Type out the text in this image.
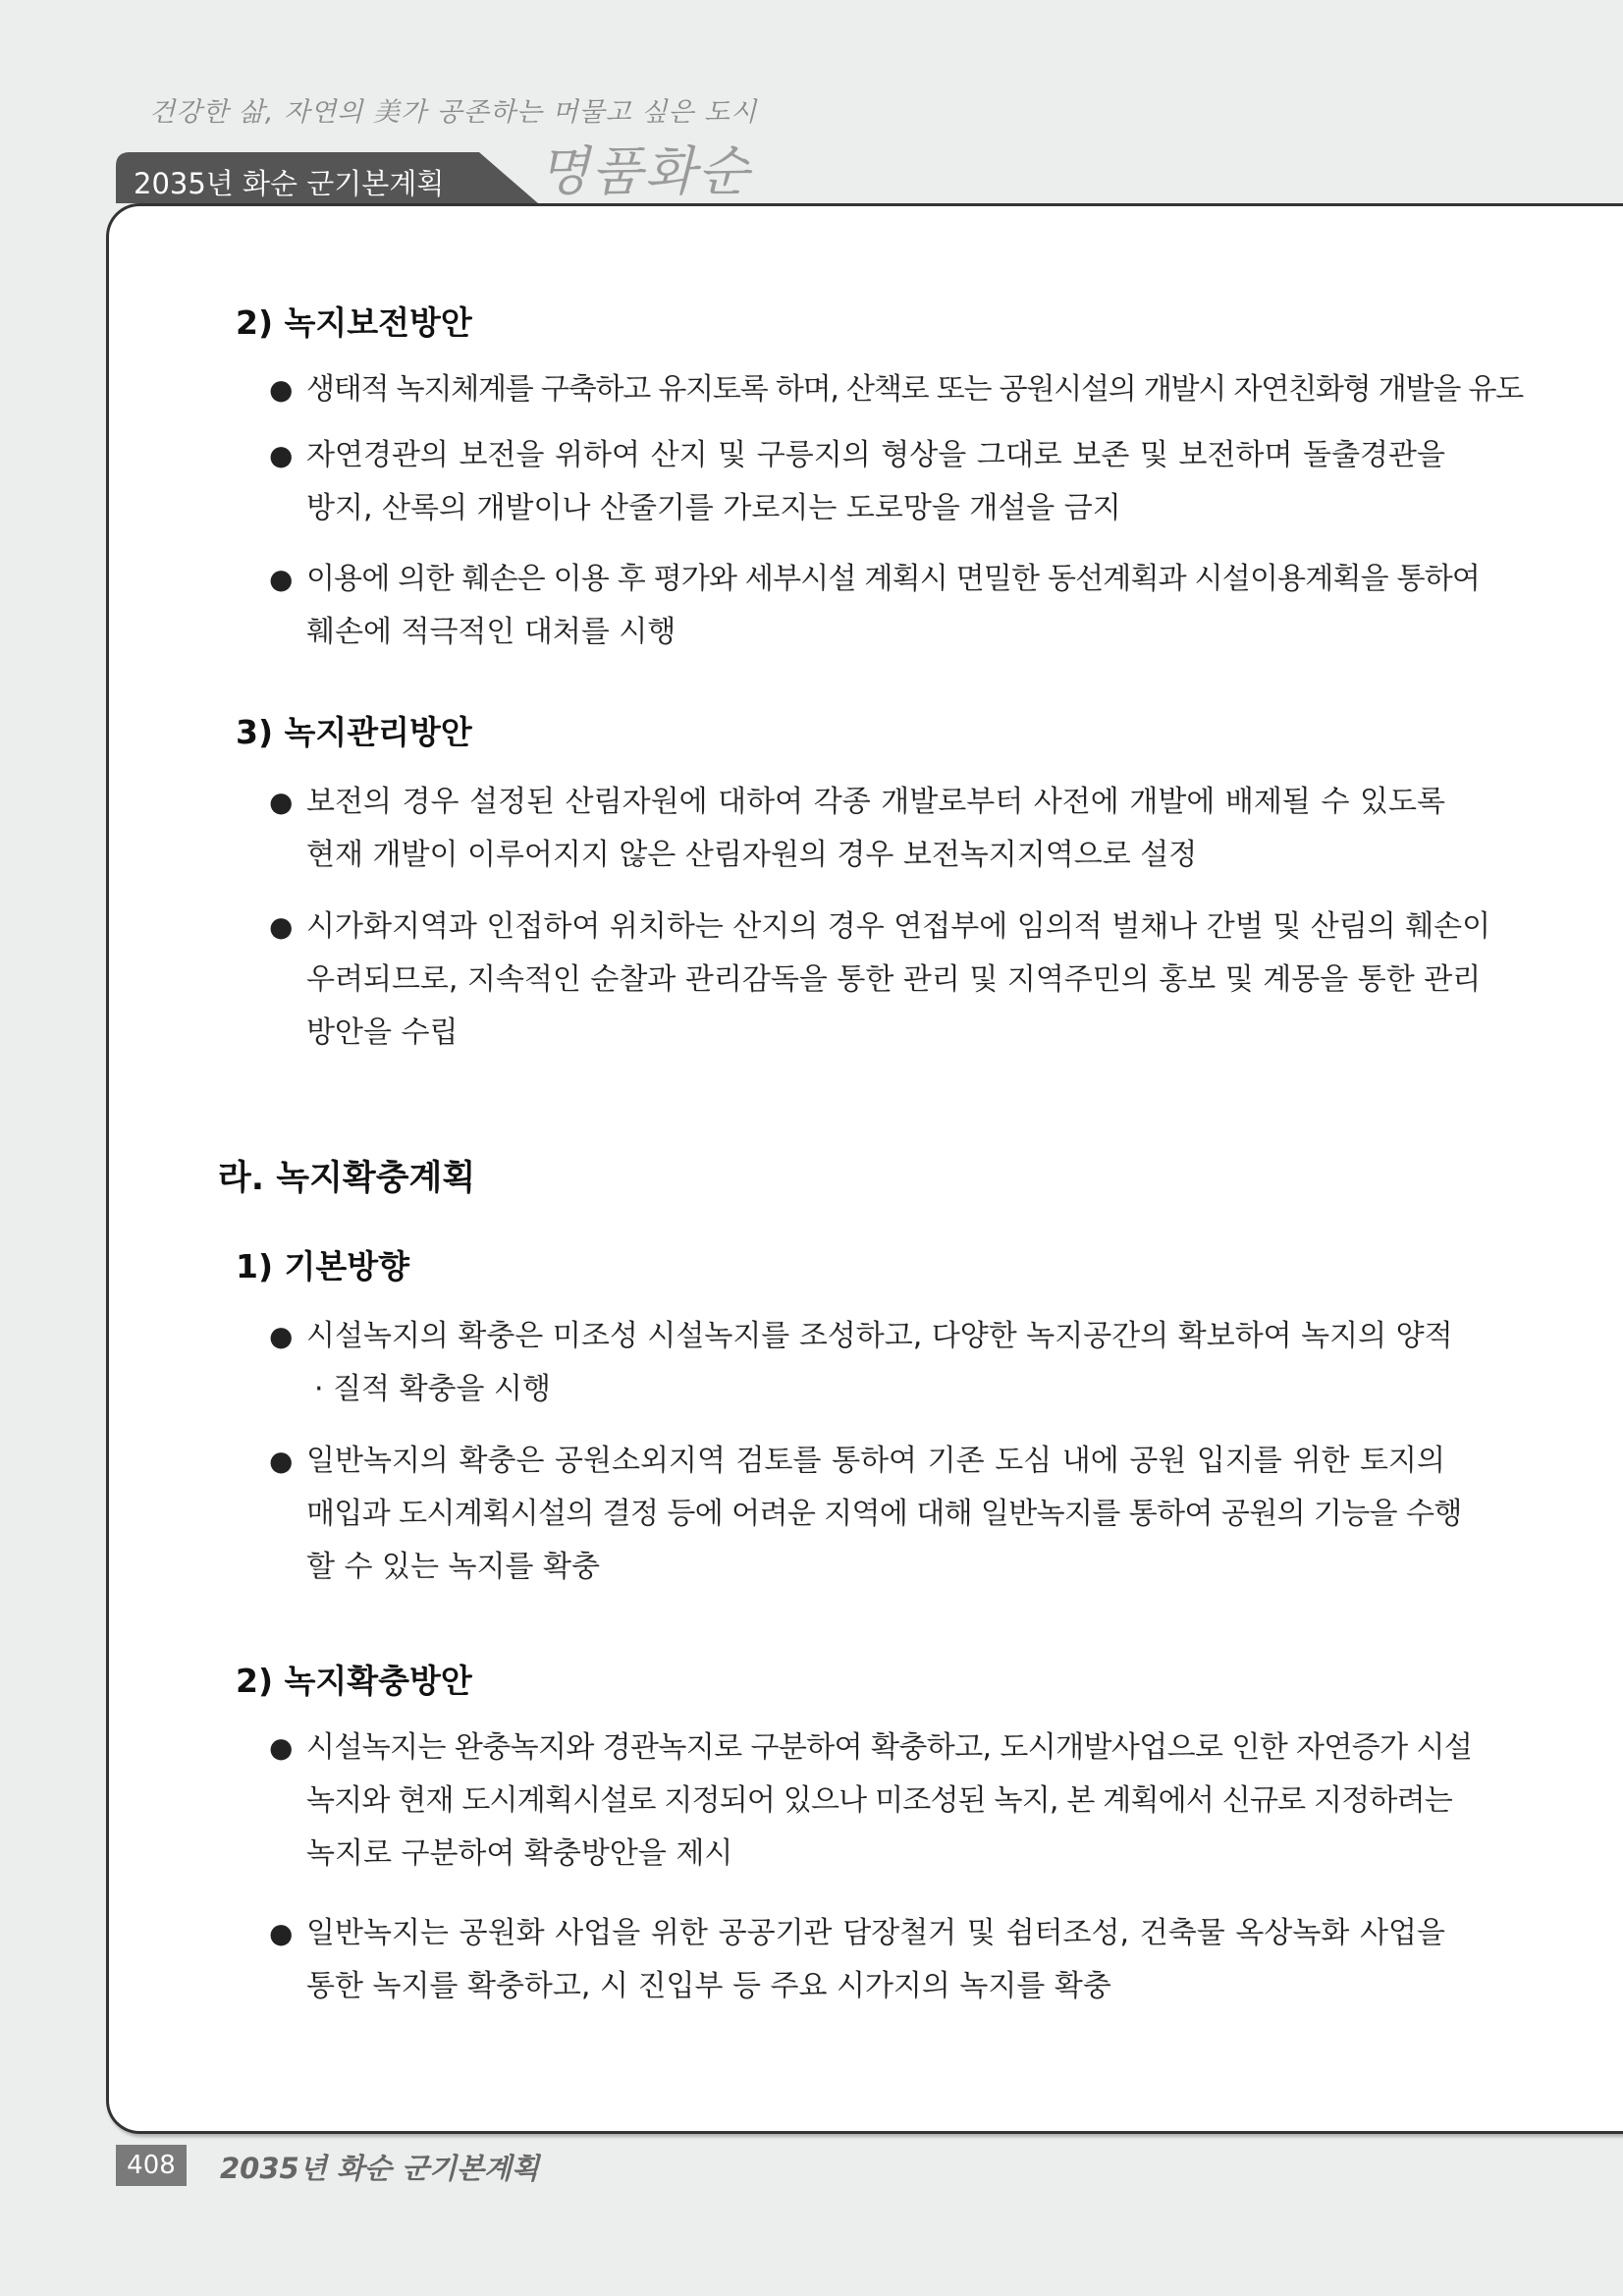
건강한 삶, 자연의 美가 공존하는 머물고 싶은 도시
2035년 화순 군기본계획	명품화순
2) 녹지보전방안
● 생태적 녹지체계를 구축하고 유지토록 하며, 산책로 또는 공원시설의 개발시 자연친화형 개발을 유도
● 자연경관의 보전을 위하여 산지 및 구릉지의 형상을 그대로 보존 및 보전하며 돌출경관을
방지, 산록의 개발이나 산줄기를 가로지는 도로망을 개설을 금지
● 이용에 의한 훼손은 이용 후 평가와 세부시설 계획시 면밀한 동선계획과 시설이용계획을 통하여
훼손에 적극적인 대처를 시행
3) 녹지관리방안
● 보전의 경우 설정된 산림자원에 대하여 각종 개발로부터 사전에 개발에 배제될 수 있도록
현재 개발이 이루어지지 않은 산림자원의 경우 보전녹지지역으로 설정
● 시가화지역과 인접하여 위치하는 산지의 경우 연접부에 임의적 벌채나 간벌 및 산림의 훼손이
우려되므로, 지속적인 순찰과 관리감독을 통한 관리 및 지역주민의 홍보 및 계몽을 통한 관리
방안을 수립
라. 녹지확충계획
1) 기본방향
● 시설녹지의 확충은 미조성 시설녹지를 조성하고, 다양한 녹지공간의 확보하여 녹지의 양적
· 질적 확충을 시행
● 일반녹지의 확충은 공원소외지역 검토를 통하여 기존 도심 내에 공원 입지를 위한 토지의
매입과 도시계획시설의 결정 등에 어려운 지역에 대해 일반녹지를 통하여 공원의 기능을 수행
할 수 있는 녹지를 확충
2) 녹지확충방안
● 시설녹지는 완충녹지와 경관녹지로 구분하여 확충하고, 도시개발사업으로 인한 자연증가 시설
녹지와 현재 도시계획시설로 지정되어 있으나 미조성된 녹지, 본 계획에서 신규로 지정하려는
녹지로 구분하여 확충방안을 제시
● 일반녹지는 공원화 사업을 위한 공공기관 담장철거 및 쉼터조성, 건축물 옥상녹화 사업을
통한 녹지를 확충하고, 시 진입부 등 주요 시가지의 녹지를 확충
408	2035년 화순 군기본계획
